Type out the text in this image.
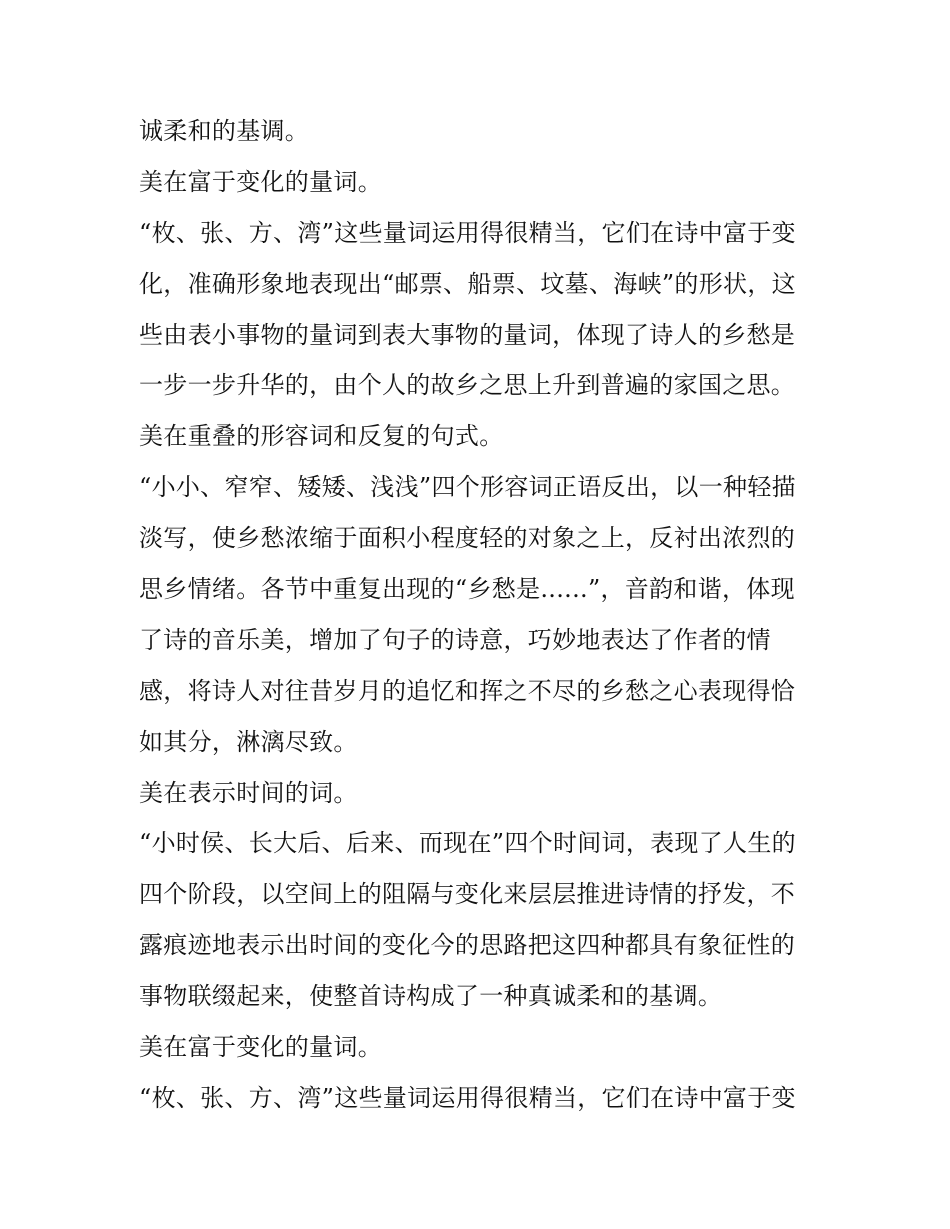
诚柔和的基调。
美在富于变化的量词。
“枚、张、方、湾”这些量词运用得很精当，它们在诗中富于变
化，准确形象地表现出“邮票、船票、坟墓、海峡”的形状，这
些由表小事物的量词到表大事物的量词，体现了诗人的乡愁是
一步一步升华的，由个人的故乡之思上升到普遍的家国之思。
美在重叠的形容词和反复的句式。
“小小、窄窄、矮矮、浅浅”四个形容词正语反出，以一种轻描
淡写，使乡愁浓缩于面积小程度轻的对象之上，反衬出浓烈的
思乡情绪。各节中重复出现的“乡愁是......”，音韵和谐，体现
了诗的音乐美，增加了句子的诗意，巧妙地表达了作者的情
感，将诗人对往昔岁月的追忆和挥之不尽的乡愁之心表现得恰
如其分，淋漓尽致。
美在表示时间的词。
“小时侯、长大后、后来、而现在”四个时间词，表现了人生的
四个阶段，以空间上的阻隔与变化来层层推进诗情的抒发，不
露痕迹地表示出时间的变化今的思路把这四种都具有象征性的
事物联缀起来，使整首诗构成了一种真诚柔和的基调。
美在富于变化的量词。
“枚、张、方、湾”这些量词运用得很精当，它们在诗中富于变
